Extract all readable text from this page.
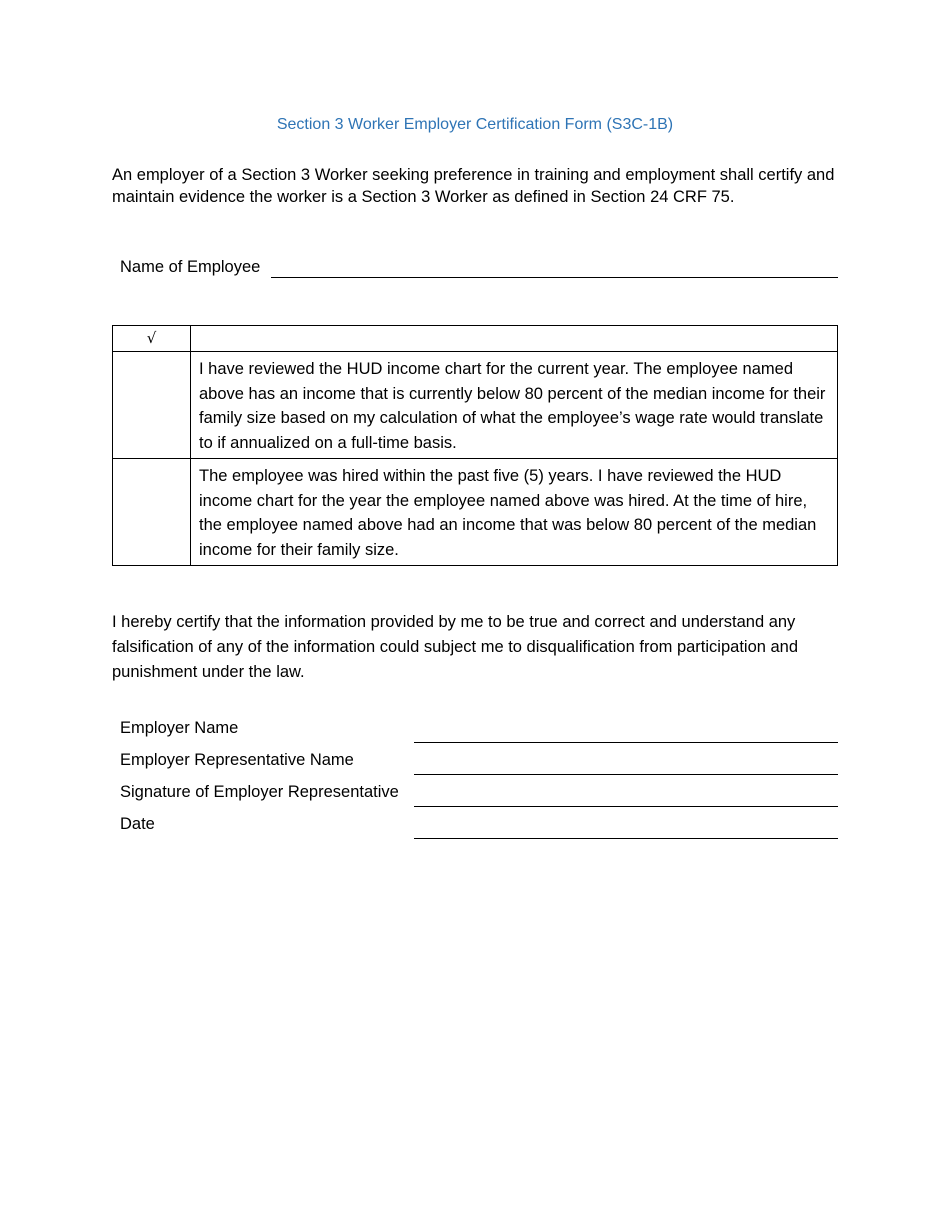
Section 3 Worker Employer Certification Form (S3C-1B)
An employer of a Section 3 Worker seeking preference in training and employment shall certify and maintain evidence the worker is a Section 3 Worker as defined in Section 24 CRF 75.
Name of Employee
√	

	I have reviewed the HUD income chart for the current year. The employee named above has an income that is currently below 80 percent of the median income for their family size based on my calculation of what the employee’s wage rate would translate to if annualized on a full-time basis.

	The employee was hired within the past five (5) years. I have reviewed the HUD income chart for the year the employee named above was hired. At the time of hire, the employee named above had an income that was below 80 percent of the median income for their family size.
I hereby certify that the information provided by me to be true and correct and understand any falsification of any of the information could subject me to disqualification from participation and punishment under the law.
Employer Name
Employer Representative Name
Signature of Employer Representative
Date
